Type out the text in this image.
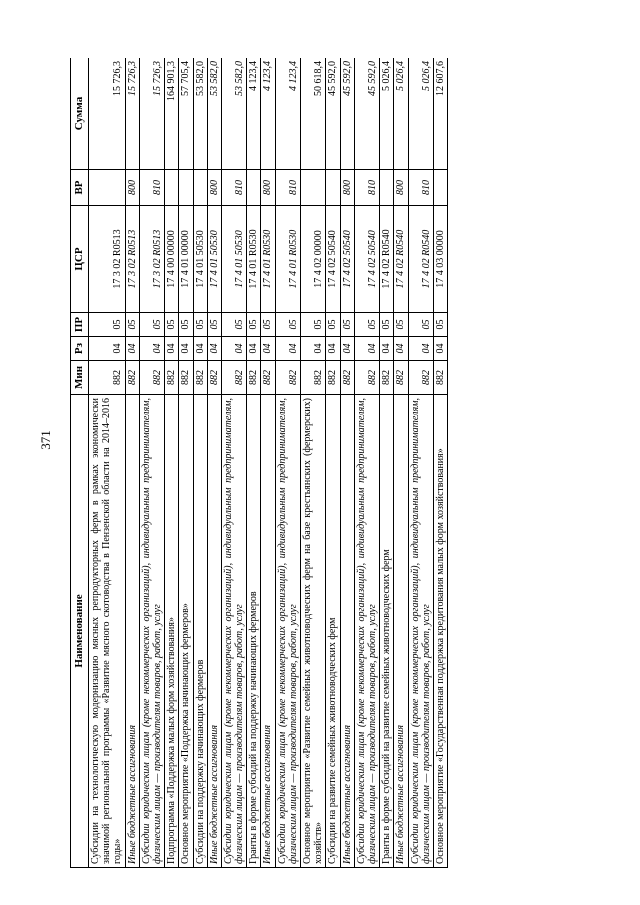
371
Наименование	Мин	Рз	ПР	ЦСР	ВР	Сумма
Субсидии на технологическую модернизацию мясных репродукторных ферм в рамках экономически значимой региональной программы «Развитие мясного скотоводства в Пензенской области на 2014–2016 годы»	882	04	05	17 3 02 R0513		15 726,3
Иные бюджетные ассигнования	882	04	05	17 3 02 R0513	800	15 726,3
Субсидии юридическим лицам (кроме некоммерческих организаций), индивидуальным предпринимателям, физическим лицам — производителям товаров, работ, услуг	882	04	05	17 3 02 R0513	810	15 726,3
Подпрограмма «Поддержка малых форм хозяйствования»	882	04	05	17 4 00 00000		164 901,3
Основное мероприятие «Поддержка начинающих фермеров»	882	04	05	17 4 01 00000		57 705,4
Субсидии на поддержку начинающих фермеров	882	04	05	17 4 01 50530		53 582,0
Иные бюджетные ассигнования	882	04	05	17 4 01 50530	800	53 582,0
Субсидии юридическим лицам (кроме некоммерческих организаций), индивидуальным предпринимателям, физическим лицам — производителям товаров, работ, услуг	882	04	05	17 4 01 50530	810	53 582,0
Гранты в форме субсидий на поддержку начинающих фермеров	882	04	05	17 4 01 R0530		4 123,4
Иные бюджетные ассигнования	882	04	05	17 4 01 R0530	800	4 123,4
Субсидии юридическим лицам (кроме некоммерческих организаций), индивидуальным предпринимателям, физическим лицам — производителям товаров, работ, услуг	882	04	05	17 4 01 R0530	810	4 123,4
Основное мероприятие «Развитие семейных животноводческих ферм на базе крестьянских (фермерских) хозяйств»	882	04	05	17 4 02 00000		50 618,4
Субсидии на развитие семейных животноводческих ферм	882	04	05	17 4 02 50540		45 592,0
Иные бюджетные ассигнования	882	04	05	17 4 02 50540	800	45 592,0
Субсидии юридическим лицам (кроме некоммерческих организаций), индивидуальным предпринимателям, физическим лицам — производителям товаров, работ, услуг	882	04	05	17 4 02 50540	810	45 592,0
Гранты в форме субсидий на развитие семейных животноводческих ферм	882	04	05	17 4 02 R0540		5 026,4
Иные бюджетные ассигнования	882	04	05	17 4 02 R0540	800	5 026,4
Субсидии юридическим лицам (кроме некоммерческих организаций), индивидуальным предпринимателям, физическим лицам — производителям товаров, работ, услуг	882	04	05	17 4 02 R0540	810	5 026,4
Основное мероприятие «Государственная поддержка кредитования малых форм хозяйствования»	882	04	05	17 4 03 00000		12 607,6
